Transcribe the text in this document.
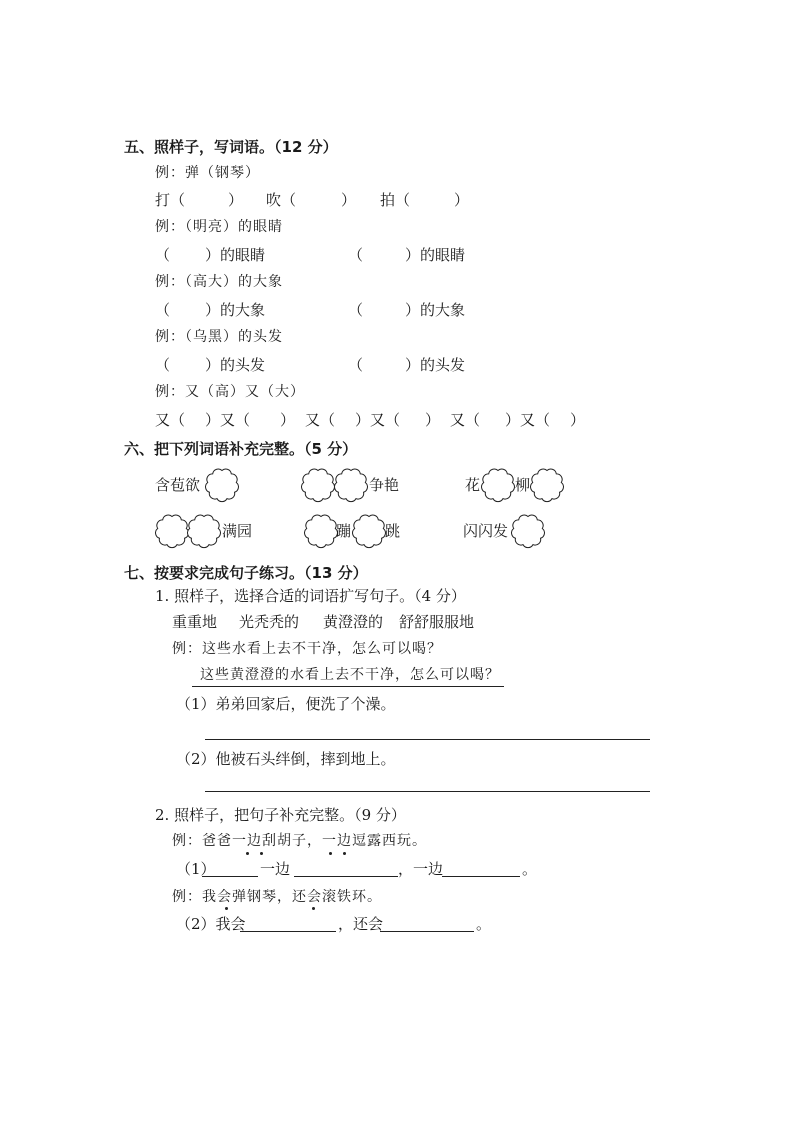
五、照样子，写词语。（12 分）
例：弹（钢琴）
打（	） 吹（	） 拍（	）
例：（明亮）的眼睛
（ ）的眼睛	（	）的眼睛
例：（高大）的大象
（ ）的大象	（	）的大象
例：（乌黑）的头发
（ ）的头发	（	）的头发
例：又（高）又（大）
又（ ）又（ ） 又（ ）又（ ） 又（ ）又（ ）
六、把下列词语补充完整。（5 分）
含苞欲	争艳	花 柳
满园	蹦 跳	闪闪发
七、按要求完成句子练习。（13 分）
1. 照样子，选择合适的词语扩写句子。（4 分）
重重地 光秃秃的 黄澄澄的 舒舒服服地
例：这些水看上去不干净，怎么可以喝？
这些黄澄澄的水看上去不干净，怎么可以喝？
（1）弟弟回家后，便洗了个澡。
（2）他被石头绊倒，摔到地上。
2. 照样子，把句子补充完整。（9 分）
例：爸爸一边刮胡子，一边逗露西玩。
（1）	一边	，一边	。
例：我会弹钢琴，还会滚铁环。
（2）我会	，还会	。
